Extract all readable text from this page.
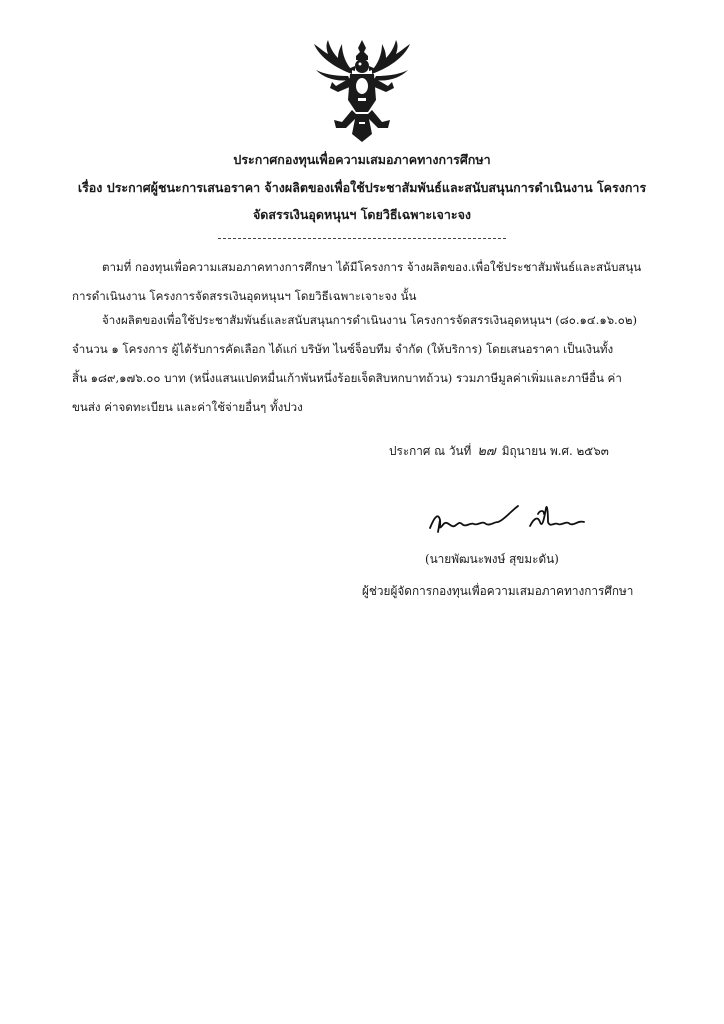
ประกาศกองทุนเพื่อความเสมอภาคทางการศึกษา
เรื่อง ประกาศผู้ชนะการเสนอราคา จ้างผลิตของเพื่อใช้ประชาสัมพันธ์และสนับสนุนการดำเนินงาน โครงการ
จัดสรรเงินอุดหนุนฯ โดยวิธีเฉพาะเจาะจง
ตามที่ กองทุนเพื่อความเสมอภาคทางการศึกษา ได้มีโครงการ จ้างผลิตของ.เพื่อใช้ประชาสัมพันธ์และสนับสนุน
การดำเนินงาน โครงการจัดสรรเงินอุดหนุนฯ โดยวิธีเฉพาะเจาะจง นั้น
จ้างผลิตของเพื่อใช้ประชาสัมพันธ์และสนับสนุนการดำเนินงาน โครงการจัดสรรเงินอุดหนุนฯ (๘๐.๑๔.๑๖.๐๒)
จำนวน ๑ โครงการ ผู้ได้รับการคัดเลือก ได้แก่ บริษัท ไนซ์จ็อบทีม จำกัด (ให้บริการ) โดยเสนอราคา เป็นเงินทั้ง
สิ้น ๑๘๙,๑๗๖.๐๐ บาท (หนึ่งแสนแปดหมื่นเก้าพันหนึ่งร้อยเจ็ดสิบหกบาทถ้วน) รวมภาษีมูลค่าเพิ่มและภาษีอื่น ค่า
ขนส่ง ค่าจดทะเบียน และค่าใช้จ่ายอื่นๆ ทั้งปวง
ประกาศ ณ วันที่ ๒๗ มิถุนายน พ.ศ. ๒๕๖๓
(นายพัฒนะพงษ์ สุขมะดัน)
ผู้ช่วยผู้จัดการกองทุนเพื่อความเสมอภาคทางการศึกษา
